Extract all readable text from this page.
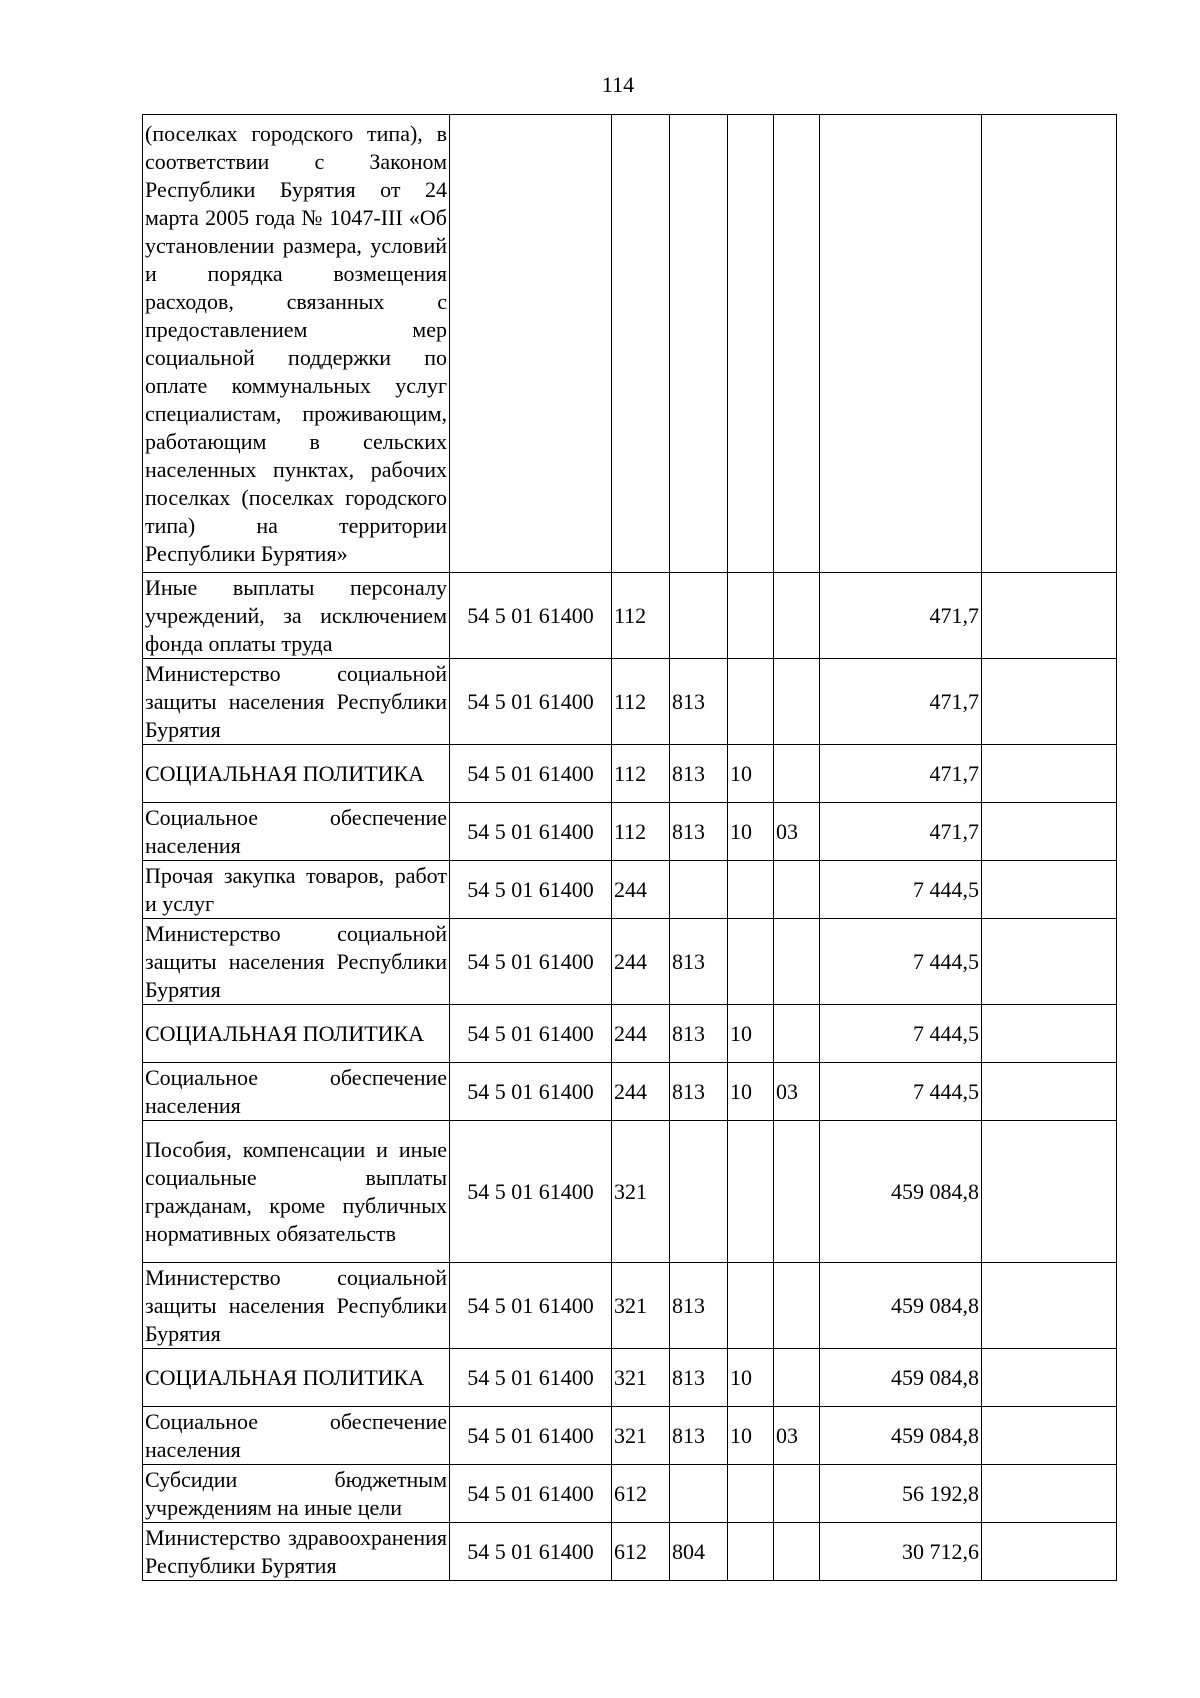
114
(поселках городского типа), в соответствии с Законом Республики Бурятия от 24 марта 2005 года № 1047-III «Об установлении размера, условий и порядка возмещения расходов, связанных с предоставлением мер социальной поддержки по оплате коммунальных услуг специалистам, проживающим, работающим в сельских населенных пунктах, рабочих поселках (поселках городского типа) на территории Республики Бурятия»							
Иные выплаты персоналу учреждений, за исключением фонда оплаты труда	54 5 01 61400	112				471,7	
Министерство социальной защиты населения Республики Бурятия	54 5 01 61400	112	813			471,7	
СОЦИАЛЬНАЯ ПОЛИТИКА	54 5 01 61400	112	813	10		471,7	
Социальное обеспечение населения	54 5 01 61400	112	813	10	03	471,7	
Прочая закупка товаров, работ и услуг	54 5 01 61400	244				7 444,5	
Министерство социальной защиты населения Республики Бурятия	54 5 01 61400	244	813			7 444,5	
СОЦИАЛЬНАЯ ПОЛИТИКА	54 5 01 61400	244	813	10		7 444,5	
Социальное обеспечение населения	54 5 01 61400	244	813	10	03	7 444,5	
Пособия, компенсации и иные социальные выплаты гражданам, кроме публичных нормативных обязательств	54 5 01 61400	321				459 084,8	
Министерство социальной защиты населения Республики Бурятия	54 5 01 61400	321	813			459 084,8	
СОЦИАЛЬНАЯ ПОЛИТИКА	54 5 01 61400	321	813	10		459 084,8	
Социальное обеспечение населения	54 5 01 61400	321	813	10	03	459 084,8	
Субсидии бюджетным учреждениям на иные цели	54 5 01 61400	612				56 192,8	
Министерство здравоохранения Республики Бурятия	54 5 01 61400	612	804			30 712,6	
